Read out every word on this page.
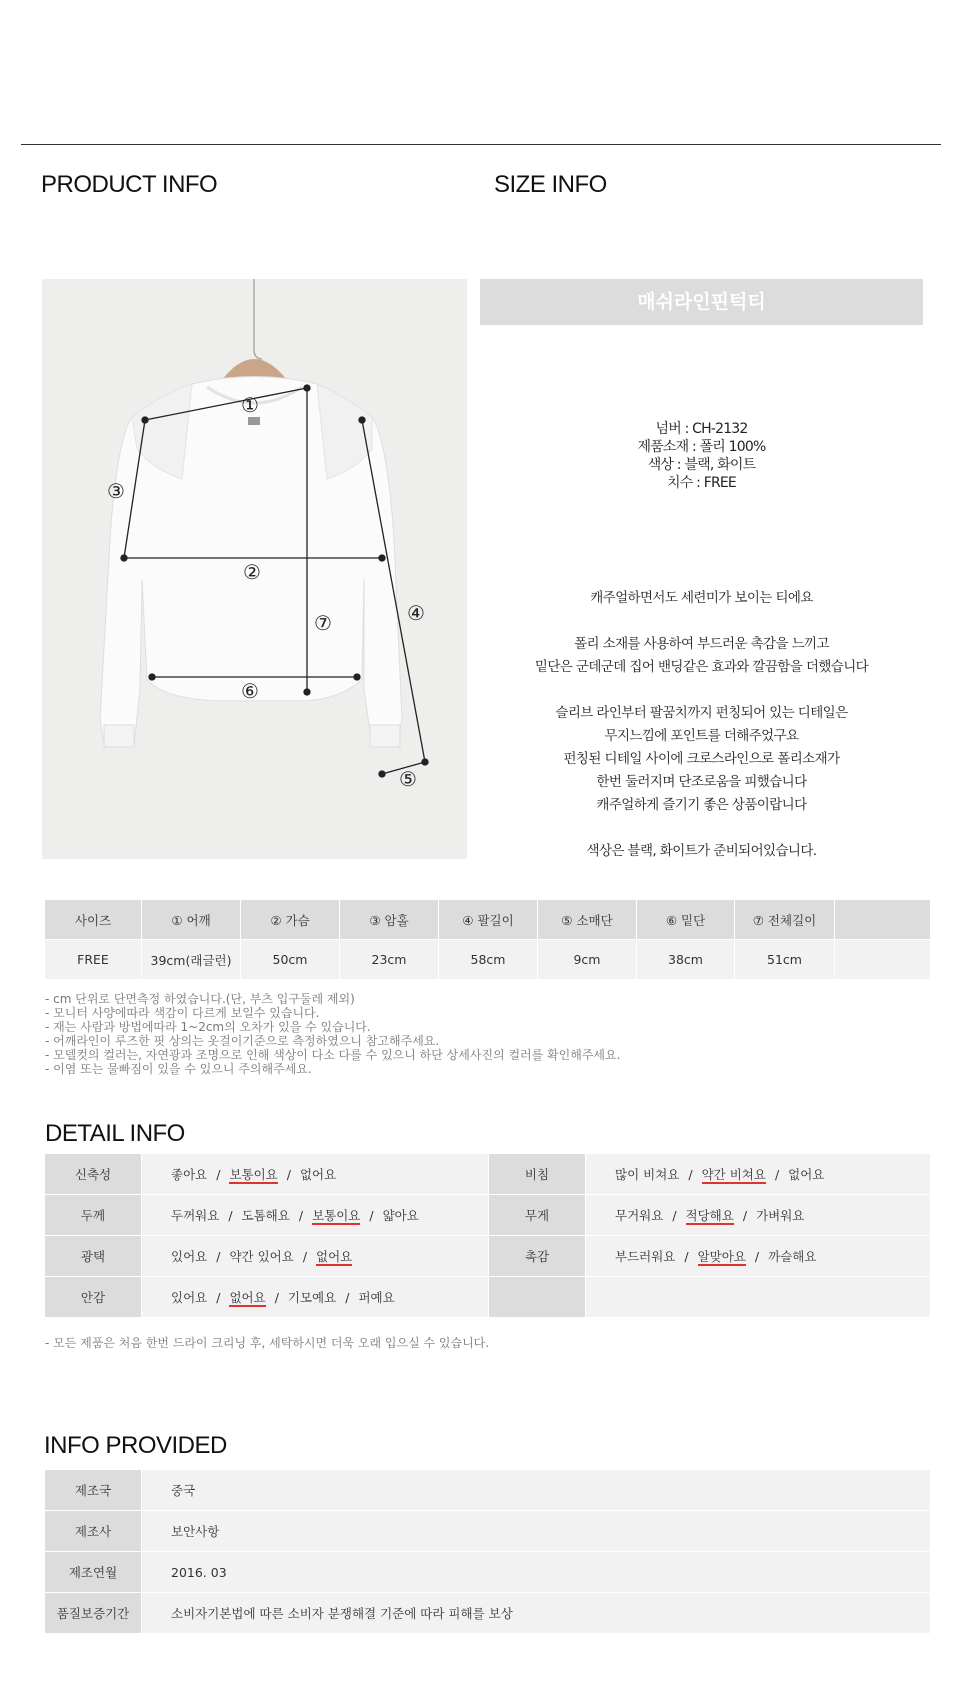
PRODUCT INFO	SIZE INFO
①
②
③
④
⑤
⑥
⑦
매쉬라인핀턱티
넘버 : CH-2132
제품소재 : 폴리 100%
색상 : 블랙, 화이트
치수 : FREE
캐주얼하면서도 세련미가 보이는 티에요
폴리 소재를 사용하여 부드러운 촉감을 느끼고
밑단은 군데군데 집어 밴딩같은 효과와 깔끔함을 더했습니다
슬리브 라인부터 팔꿈치까지 펀칭되어 있는 디테일은
무지느낌에 포인트를 더해주었구요
펀칭된 디테일 사이에 크로스라인으로 폴리소재가
한번 둘러지며 단조로움을 피했습니다
캐주얼하게 즐기기 좋은 상품이랍니다
색상은 블랙, 화이트가 준비되어있습니다.
사이즈	① 어깨	② 가슴	③ 암홀	④ 팔길이	⑤ 소매단	⑥ 밑단	⑦ 전체길이	
FREE	39cm(래글런)	50cm	23cm	58cm	9cm	38cm	51cm	
- cm 단위로 단면측정 하였습니다.(단, 부츠 입구둘레 제외)
- 모니터 사양에따라 색감이 다르게 보일수 있습니다.
- 재는 사람과 방법에따라 1~2cm의 오차가 있을 수 있습니다.
- 어깨라인이 루즈한 핏 상의는 옷걸이기준으로 측정하였으니 참고해주세요.
- 모델컷의 컬러는, 자연광과 조명으로 인해 색상이 다소 다를 수 있으니 하단 상세사진의 컬러를 확인해주세요.
- 이염 또는 물빠짐이 있을 수 있으니 주의해주세요.
DETAIL INFO
신축성	좋아요 / 보통이요 / 없어요	비침	많이 비쳐요 / 약간 비쳐요 / 없어요
두께	두꺼워요 / 도톰해요 / 보통이요 / 얇아요	무게	무거워요 / 적당해요 / 가벼워요
광택	있어요 / 약간 있어요 / 없어요	촉감	부드러워요 / 알맞아요 / 까슬해요
안감	있어요 / 없어요 / 기모예요 / 퍼예요		
- 모든 제품은 처음 한번 드라이 크리닝 후, 세탁하시면 더욱 오래 입으실 수 있습니다.
INFO PROVIDED
제조국	중국
제조사	보안사항
제조연월	2016. 03
품질보증기간	소비자기본법에 따른 소비자 분쟁해결 기준에 따라 피해를 보상
